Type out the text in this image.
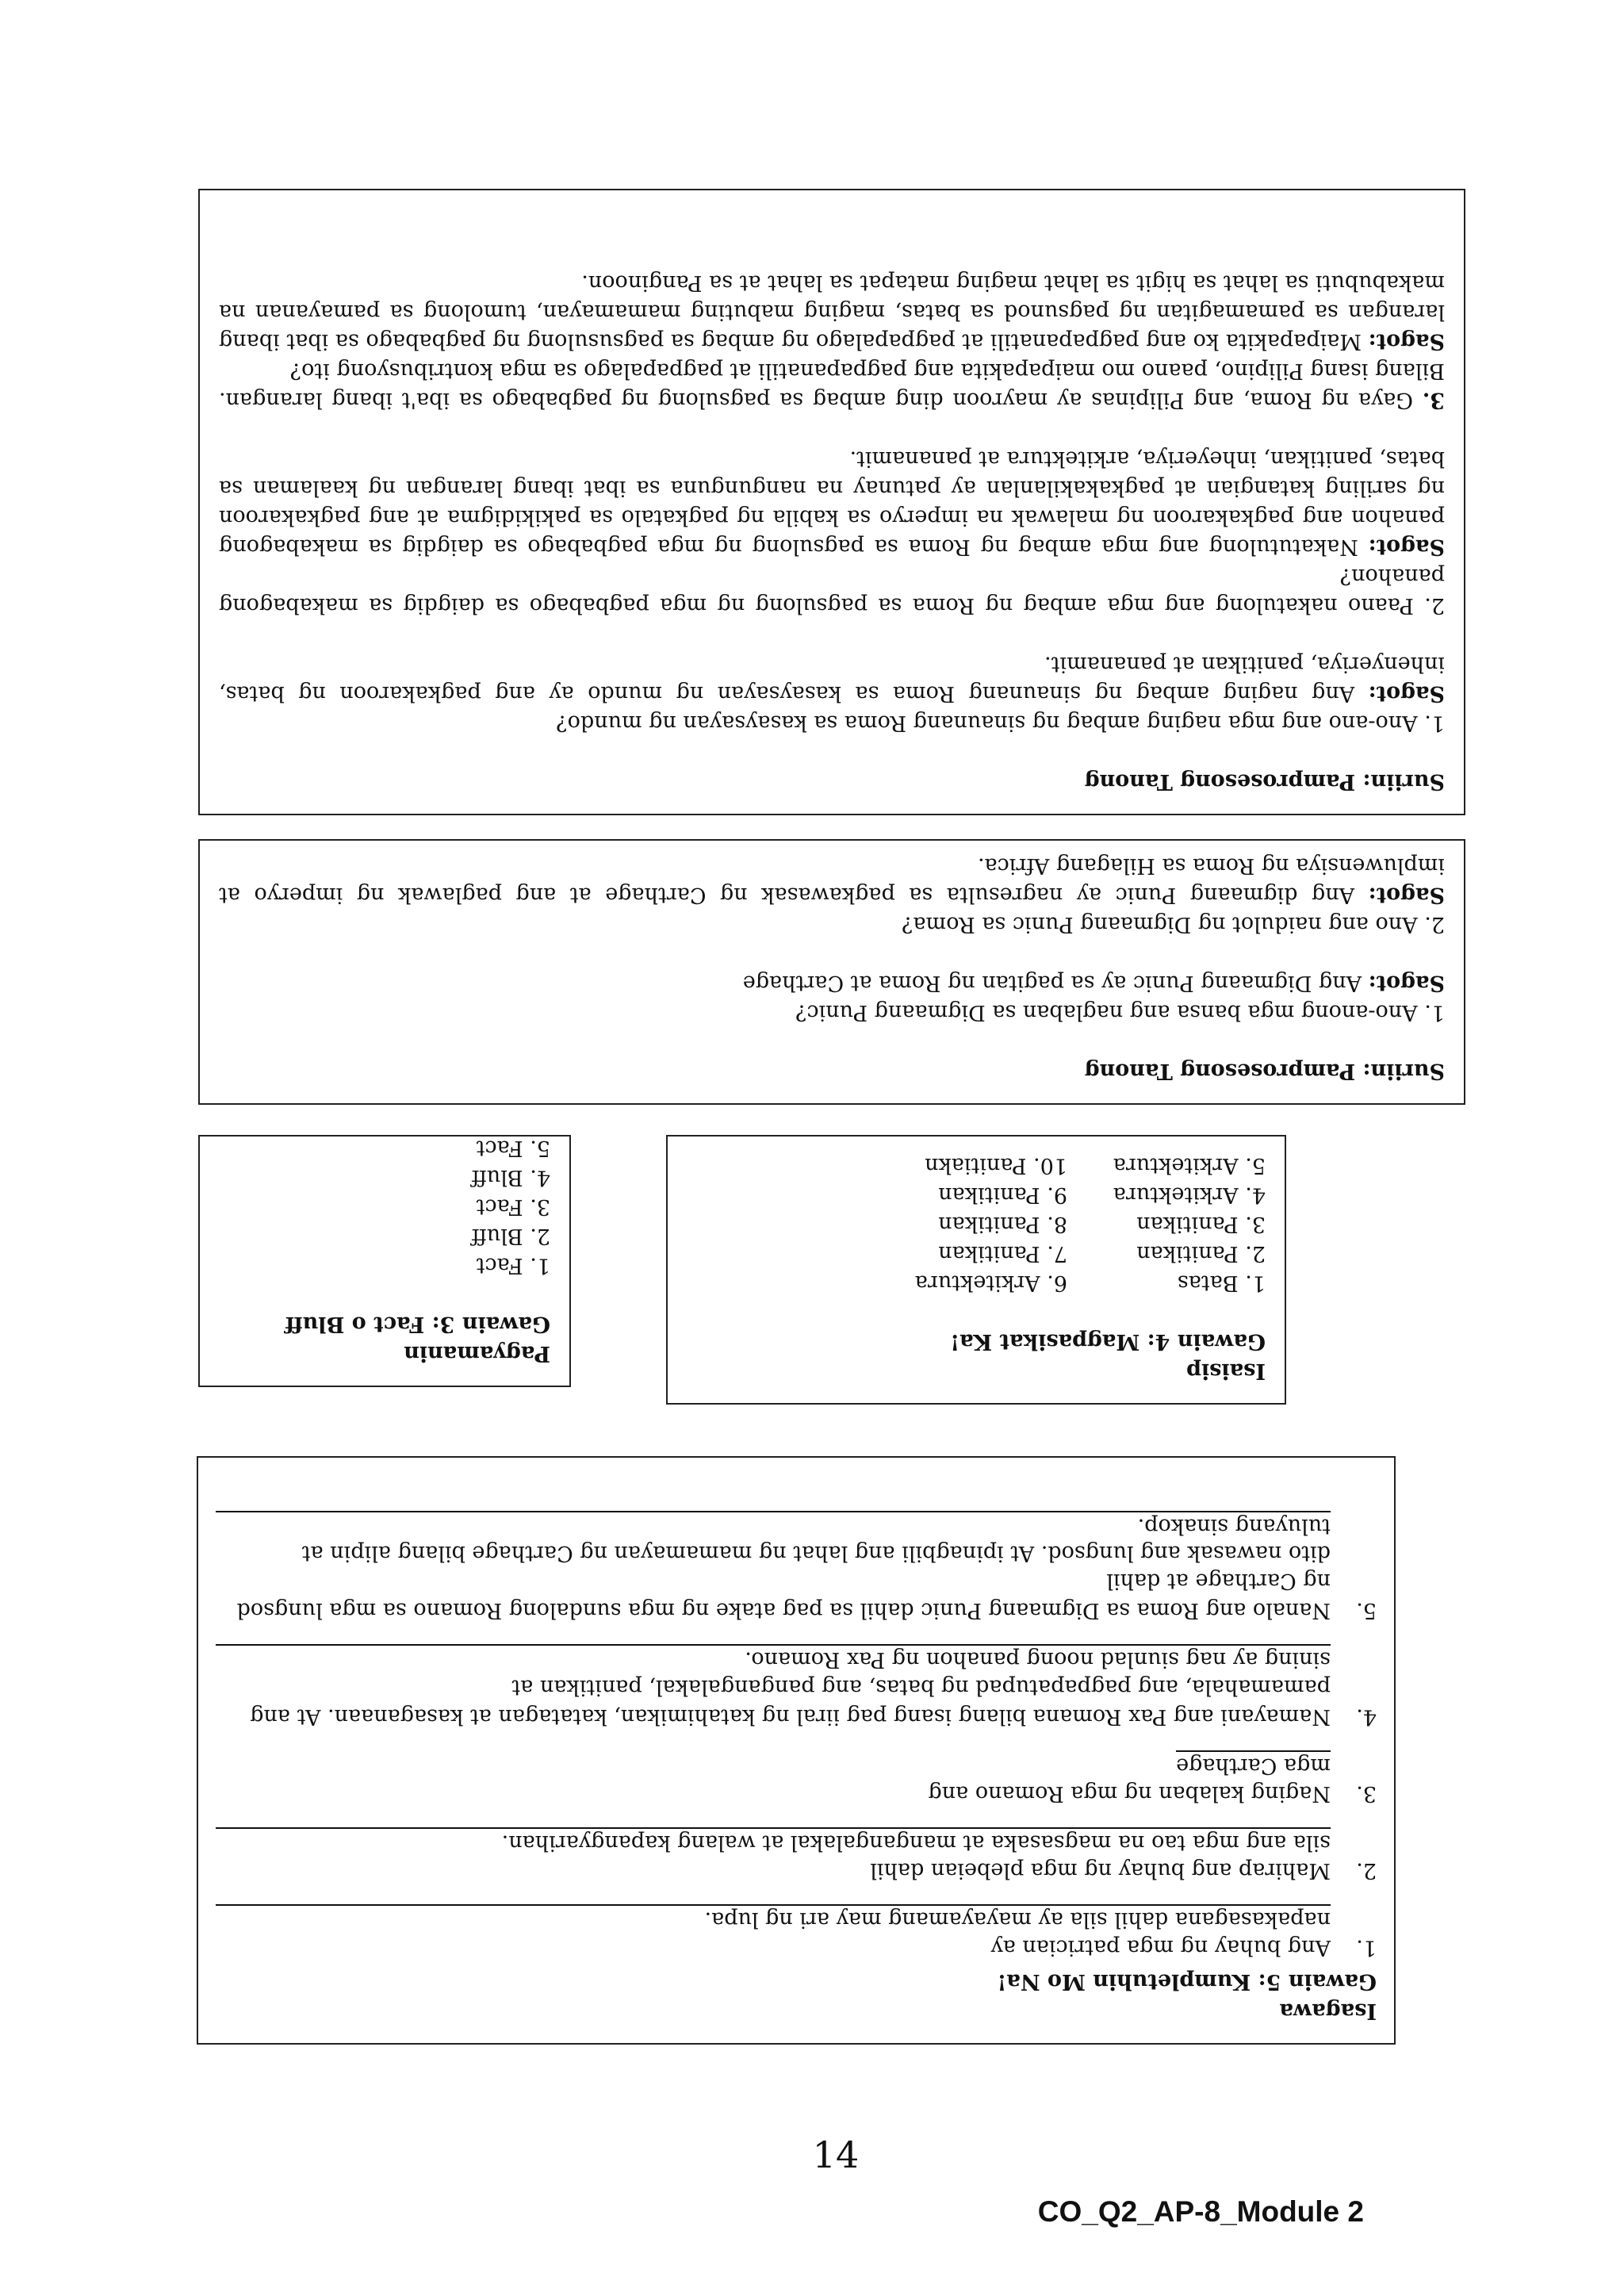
Suriin: Pamprosesong Tanong

1. Ano-ano ang mga naging ambag ng sinaunang Roma sa kasaysayan ng mundo?

Sagot: Ang naging ambag ng sinaunang Roma sa kasaysayan ng mundo ay ang pagkakaroon ng batas, inhenyeriya, panitikan at pananamit.

2. Paano nakatulong ang mga ambag ng Roma sa pagsulong ng mga pagbabago sa daigdig sa makabagong panahon?

Sagot: Nakatutulong ang mga ambag ng Roma sa pagsulong ng mga pagbabago sa daigdig sa makabagong panahon ang pagkakaroon ng malawak na imperyo sa kabila ng pagkatalo sa pakikidigma at ang pagkakaroon ng sariling katangian at pagkakakilanlan ay patunay na nangunguna sa ibat ibang larangan ng kaalaman sa batas, panitikan, inheyeriya, arkitektura at pananamit.

3. Gaya ng Roma, ang Pilipinas ay mayroon ding ambag sa pagsulong ng pagbabago sa iba't ibang larangan. Bilang isang Pilipino, paano mo maipapakita ang pagpapanatili at pagpapalago sa mga kontribusyong ito?

Sagot: Maipapakita ko ang pagpapanatili at pagpapalago ng ambag sa pagsusulong ng pagbabago sa ibat ibang larangan sa pamamagitan ng pagsunod sa batas, maging mabuting mamamayan, tumolong sa pamayanan na makabubuti sa lahat sa higit sa lahat maging matapat sa lahat at sa Panginoon.

Suriin: Pamprosesong Tanong

1. Ano-anong mga bansa ang naglaban sa Digmaang Punic?

Sagot: Ang Digmaang Punic ay sa pagitan ng Roma at Carthage

2. Ano ang naidulot ng Digmaang Punic sa Roma?

Sagot: Ang digmaang Punic ay nagresulta sa pagkawasak ng Carthage at ang paglawak ng imperyo at impluwensiya ng Roma sa Hilagang Africa.

Isaisip

Gawain 4: Magpasikat Ka!

1. Batas

6. Arkitektura

2. Panitikan

7. Panitikan

3. Panitikan

8. Panitikan

4. Arkitektura

9. Panitikan

5. Arkitektura

10. Panitiakn

Pagyamanin

Gawain 3: Fact o Bluff

1. Fact

2. Bluff

3. Fact

4. Bluff

5. Fact

Isagawa

Gawain 5: Kumpletuhin Mo Na!

1.

Ang buhay ng mga patrician ay

napakasagana dahil sila ay mayayamang may ari ng lupa.

2.

Mahirap ang buhay ng mga plebeian dahil

sila ang mga tao na magsasaka at mangangalakal at walang kapangyarihan.

3.

Naging kalaban ng mga Romano ang

mga Carthage

4.

Namayani ang Pax Romana bilang isang pag iiral ng katahimikan, katatagan at kasaganaan. At ang pamamahala, ang pagpapatupad ng batas, ang pangangalakal, panitikan at

sining ay nag siunlad noong panahon ng Pax Romano.

5.

Nanalo ang Roma sa Digmaang Punic dahil sa pag atake ng mga sundalong Romano sa mga lungsod ng Carthage at dahil

dito nawasak ang lungsod. At ipinagbili ang lahat ng mamamayan ng Carthage bilang alipin at tuluyang sinakop.

14
CO_Q2_AP-8_Module 2
